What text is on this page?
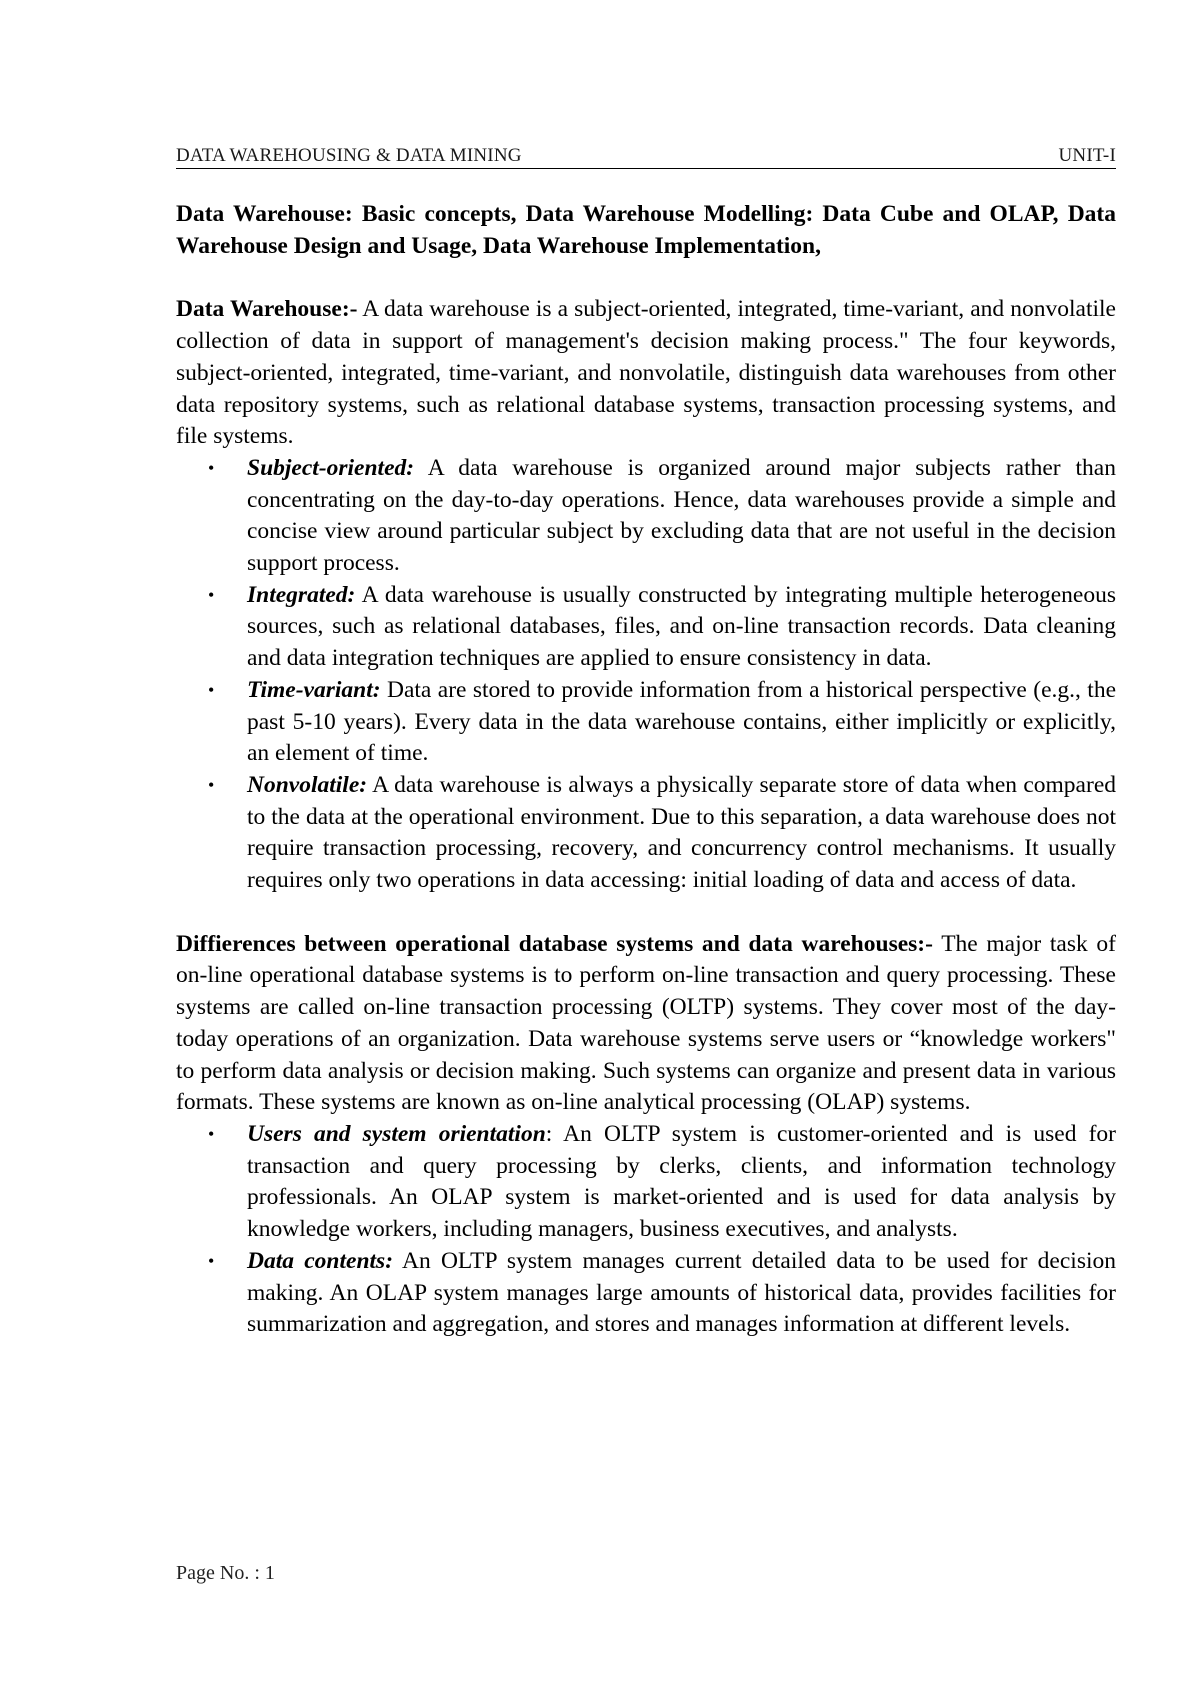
DATA WAREHOUSING & DATA MINING	UNIT-I

Data Warehouse: Basic concepts, Data Warehouse Modelling: Data Cube and OLAP, Data Warehouse Design and Usage, Data Warehouse Implementation,

Data Warehouse:- A data warehouse is a subject-oriented, integrated, time-variant, and nonvolatile collection of data in support of management's decision making process." The four keywords, subject-oriented, integrated, time-variant, and nonvolatile, distinguish data warehouses from other data repository systems, such as relational database systems, transaction processing systems, and file systems.

• Subject-oriented: A data warehouse is organized around major subjects rather than concentrating on the day-to-day operations. Hence, data warehouses provide a simple and concise view around particular subject by excluding data that are not useful in the decision support process.
• Integrated: A data warehouse is usually constructed by integrating multiple heterogeneous sources, such as relational databases, files, and on-line transaction records. Data cleaning and data integration techniques are applied to ensure consistency in data.
• Time-variant: Data are stored to provide information from a historical perspective (e.g., the past 5-10 years). Every data in the data warehouse contains, either implicitly or explicitly, an element of time.
• Nonvolatile: A data warehouse is always a physically separate store of data when compared to the data at the operational environment. Due to this separation, a data warehouse does not require transaction processing, recovery, and concurrency control mechanisms. It usually requires only two operations in data accessing: initial loading of data and access of data.

Diffierences between operational database systems and data warehouses:- The major task of on-line operational database systems is to perform on-line transaction and query processing. These systems are called on-line transaction processing (OLTP) systems. They cover most of the day-today operations of an organization. Data warehouse systems serve users or “knowledge workers" to perform data analysis or decision making. Such systems can organize and present data in various formats. These systems are known as on-line analytical processing (OLAP) systems.

• Users and system orientation: An OLTP system is customer-oriented and is used for transaction and query processing by clerks, clients, and information technology professionals. An OLAP system is market-oriented and is used for data analysis by knowledge workers, including managers, business executives, and analysts.
• Data contents: An OLTP system manages current detailed data to be used for decision making. An OLAP system manages large amounts of historical data, provides facilities for summarization and aggregation, and stores and manages information at different levels.
Page No. : 1
